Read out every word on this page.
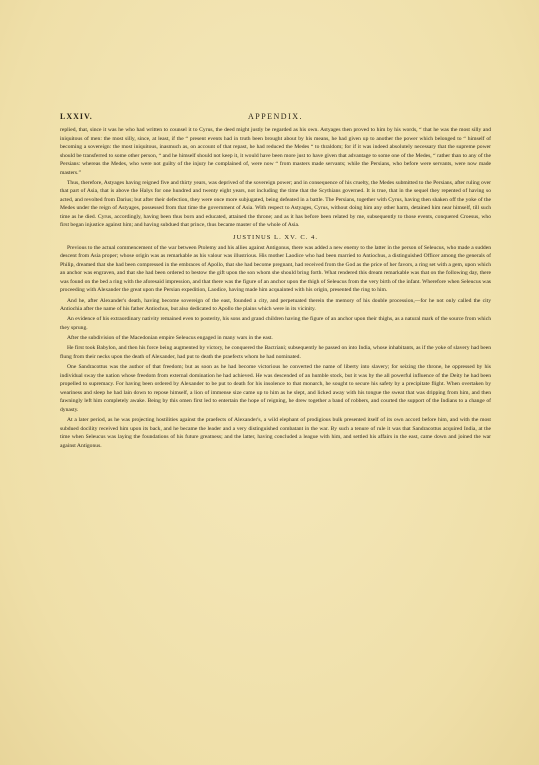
LXXIV.	APPENDIX.

replied, that, since it was he who had written to counsel it to Cyrus, the deed might justly be regarded as his own. Astyages then proved to him by his words, “ that he was the most silly and iniquitous of men: the most silly, since, at least, if the “ present events had in truth been brought about by his means, he had given up to another the power which belonged to “ himself of becoming a sovereign: the most iniquitous, inasmuch as, on account of that repast, he had reduced the Medes “ to thraldom; for if it was indeed absolutely necessary that the supreme power should be transferred to some other person, “ and he himself should not keep it, it would have been more just to have given that advantage to some one of the Medes, “ rather than to any of the Persians: whereas the Medes, who were not guilty of the injury he complained of, were now “ from masters made servants; while the Persians, who before were servants, were now made masters.”

Thus, therefore, Astyages having reigned five and thirty years, was deprived of the sovereign power; and in consequence of his cruelty, the Medes submitted to the Persians, after ruling over that part of Asia, that is above the Halys for one hundred and twenty eight years, not including the time that the Scythians governed. It is true, that in the sequel they repented of having so acted, and revolted from Darius; but after their defection, they were once more subjugated, being defeated in a battle. The Persians, together with Cyrus, having then shaken off the yoke of the Medes under the reign of Astyages, possessed from that time the government of Asia. With respect to Astyages, Cyrus, without doing him any other harm, detained him near himself, till such time as he died. Cyrus, accordingly, having been thus born and educated, attained the throne; and as it has before been related by me, subsequently to those events, conquered Croesus, who first began injustice against him; and having subdued that prince, thus became master of the whole of Asia.

JUSTINUS L. XV. C. 4.

Previous to the actual commencement of the war between Ptolemy and his allies against Antigonus, there was added a new enemy to the latter in the person of Seleucus, who made a sudden descent from Asia proper; whose origin was as remarkable as his valour was illustrious. His mother Laodice who had been married to Antiochus, a distinguished Officer among the generals of Philip, dreamed that she had been compressed in the embraces of Apollo, that she had become pregnant, had received from the God as the price of her favors, a ring set with a gem, upon which an anchor was engraven, and that she had been ordered to bestow the gift upon the son whom she should bring forth. What rendered this dream remarkable was that on the following day, there was found on the bed a ring with the aforesaid impression, and that there was the figure of an anchor upon the thigh of Seleucus from the very birth of the infant. Wherefore when Seleucus was proceeding with Alexander the great upon the Persian expedition, Laodice, having made him acquainted with his origin, presented the ring to him.

And he, after Alexander's death, having become sovereign of the east, founded a city, and perpetuated therein the memory of his double procession,—for he not only called the city Antiochia after the name of his father Antiochus, but also dedicated to Apollo the plains which were in its vicinity.

An evidence of his extraordinary nativity remained even to posterity, his sons and grand children having the figure of an anchor upon their thighs, as a natural mark of the source from which they sprung.

After the subdivision of the Macedonian empire Seleucus engaged in many wars in the east.

He first took Babylon, and then his force being augmented by victory, he conquered the Bactriani; subsequently he passed on into India, whose inhabitants, as if the yoke of slavery had been flung from their necks upon the death of Alexander, had put to death the praefects whom he had nominated.

One Sandracottus was the author of that freedom; but as soon as he had become victorious he converted the name of liberty into slavery; for seizing the throne, he oppressed by his individual sway the nation whose freedom from external domination he had achieved. He was descended of an humble stock, but it was by the all powerful influence of the Deity he had been propelled to supremacy. For having been ordered by Alexander to be put to death for his insolence to that monarch, he sought to secure his safety by a precipitate flight. When overtaken by weariness and sleep he had lain down to repose himself, a lion of immense size came up to him as he slept, and licked away with his tongue the sweat that was dripping from him, and then fawningly left him completely awake. Being by this omen first led to entertain the hope of reigning, he drew together a band of robbers, and courted the support of the Indians to a change of dynasty.

At a later period, as he was projecting hostilities against the praefects of Alexander's, a wild elephant of prodigious bulk presented itself of its own accord before him, and with the most subdued docility received him upon its back, and he became the leader and a very distinguished combatant in the war. By such a tenure of rule it was that Sandracottus acquired India, at the time when Seleucus was laying the foundations of his future greatness; and the latter, having concluded a league with him, and settled his affairs in the east, came down and joined the war against Antigonus.
